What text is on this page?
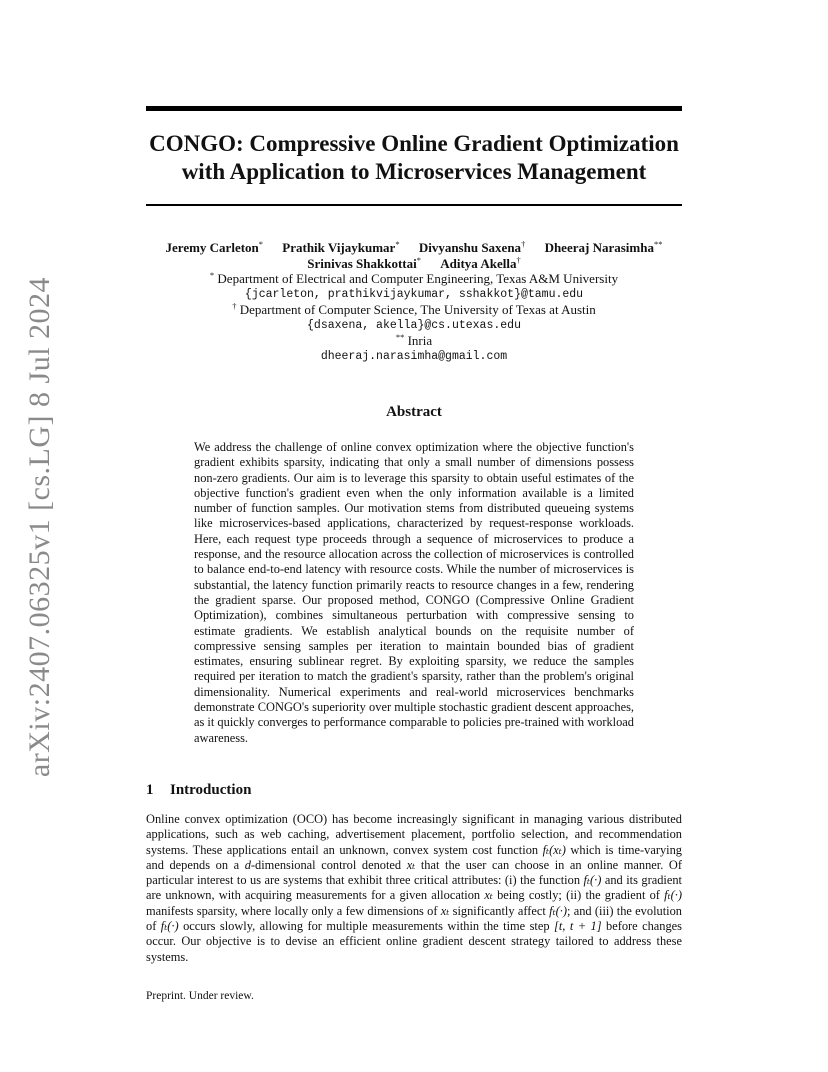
arXiv:2407.06325v1 [cs.LG] 8 Jul 2024
CONGO: Compressive Online Gradient Optimization
with Application to Microservices Management
Jeremy Carleton* Prathik Vijaykumar* Divyanshu Saxena† Dheeraj Narasimha**
Srinivas Shakkottai* Aditya Akella†
* Department of Electrical and Computer Engineering, Texas A&M University
{jcarleton, prathikvijaykumar, sshakkot}@tamu.edu
† Department of Computer Science, The University of Texas at Austin
{dsaxena, akella}@cs.utexas.edu
** Inria
dheeraj.narasimha@gmail.com
Abstract

We address the challenge of online convex optimization where the objective function's gradient exhibits sparsity, indicating that only a small number of dimensions possess non-zero gradients. Our aim is to leverage this sparsity to obtain useful estimates of the objective function's gradient even when the only information available is a limited number of function samples. Our motivation stems from distributed queueing systems like microservices-based applications, characterized by request-response workloads. Here, each request type proceeds through a sequence of microservices to produce a response, and the resource allocation across the collection of microservices is controlled to balance end-to-end latency with resource costs. While the number of microservices is substantial, the latency function primarily reacts to resource changes in a few, rendering the gradient sparse. Our proposed method, CONGO (Compressive Online Gradient Optimization), combines simultaneous perturbation with compressive sensing to estimate gradients. We establish analytical bounds on the requisite number of compressive sensing samples per iteration to maintain bounded bias of gradient estimates, ensuring sublinear regret. By exploiting sparsity, we reduce the samples required per iteration to match the gradient's sparsity, rather than the problem's original dimensionality. Numerical experiments and real-world microservices benchmarks demonstrate CONGO's superiority over multiple stochastic gradient descent approaches, as it quickly converges to performance comparable to policies pre-trained with workload awareness.

1 Introduction

Online convex optimization (OCO) has become increasingly significant in managing various distributed applications, such as web caching, advertisement placement, portfolio selection, and recommendation systems. These applications entail an unknown, convex system cost function fₜ(xₜ) which is time-varying and depends on a d-dimensional control denoted xₜ that the user can choose in an online manner. Of particular interest to us are systems that exhibit three critical attributes: (i) the function fₜ(·) and its gradient are unknown, with acquiring measurements for a given allocation xₜ being costly; (ii) the gradient of fₜ(·) manifests sparsity, where locally only a few dimensions of xₜ significantly affect fₜ(·); and (iii) the evolution of fₜ(·) occurs slowly, allowing for multiple measurements within the time step [t, t + 1] before changes occur. Our objective is to devise an efficient online gradient descent strategy tailored to address these systems.

Preprint. Under review.
